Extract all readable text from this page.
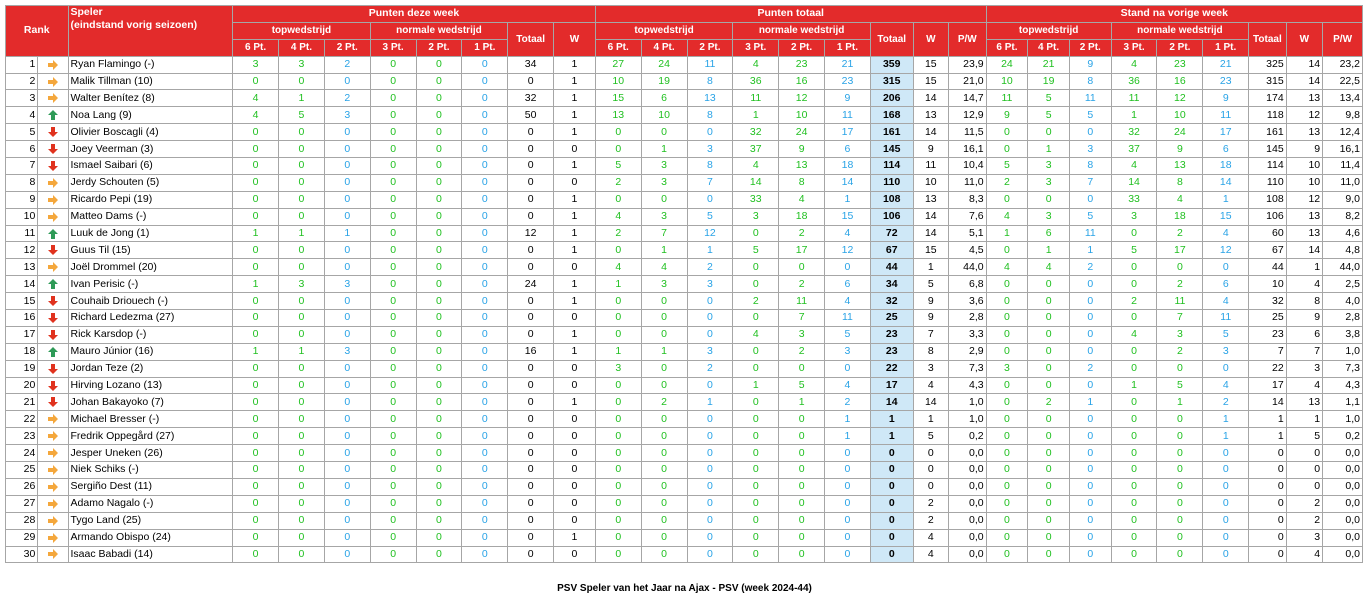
Rank		Speler
(eindstand vorig seizoen)	Punten deze week								Punten totaal									Stand na vorige week								
			topwedstrijd			normale wedstrijd			Totaal	W	topwedstrijd			normale wedstrijd			Totaal	W	P/W	topwedstrijd			normale wedstrijd			Totaal	W	P/W
			6 Pt.	4 Pt.	2 Pt.	3 Pt.	2 Pt.	1 Pt.			6 Pt.	4 Pt.	2 Pt.	3 Pt.	2 Pt.	1 Pt.				6 Pt.	4 Pt.	2 Pt.	3 Pt.	2 Pt.	1 Pt.			
1		Ryan Flamingo (-)	3	3	2	0	0	0	34	1	27	24	11	4	23	21	359	15	23,9	24	21	9	4	23	21	325	14	23,2
2		Malik Tillman (10)	0	0	0	0	0	0	0	1	10	19	8	36	16	23	315	15	21,0	10	19	8	36	16	23	315	14	22,5
3		Walter Benítez (8)	4	1	2	0	0	0	32	1	15	6	13	11	12	9	206	14	14,7	11	5	11	11	12	9	174	13	13,4
4		Noa Lang (9)	4	5	3	0	0	0	50	1	13	10	8	1	10	11	168	13	12,9	9	5	5	1	10	11	118	12	9,8
5		Olivier Boscagli (4)	0	0	0	0	0	0	0	1	0	0	0	32	24	17	161	14	11,5	0	0	0	32	24	17	161	13	12,4
6		Joey Veerman (3)	0	0	0	0	0	0	0	0	0	1	3	37	9	6	145	9	16,1	0	1	3	37	9	6	145	9	16,1
7		Ismael Saibari (6)	0	0	0	0	0	0	0	1	5	3	8	4	13	18	114	11	10,4	5	3	8	4	13	18	114	10	11,4
8		Jerdy Schouten (5)	0	0	0	0	0	0	0	0	2	3	7	14	8	14	110	10	11,0	2	3	7	14	8	14	110	10	11,0
9		Ricardo Pepi (19)	0	0	0	0	0	0	0	1	0	0	0	33	4	1	108	13	8,3	0	0	0	33	4	1	108	12	9,0
10		Matteo Dams (-)	0	0	0	0	0	0	0	1	4	3	5	3	18	15	106	14	7,6	4	3	5	3	18	15	106	13	8,2
11		Luuk de Jong (1)	1	1	1	0	0	0	12	1	2	7	12	0	2	4	72	14	5,1	1	6	11	0	2	4	60	13	4,6
12		Guus Til (15)	0	0	0	0	0	0	0	1	0	1	1	5	17	12	67	15	4,5	0	1	1	5	17	12	67	14	4,8
13		Joël Drommel (20)	0	0	0	0	0	0	0	0	4	4	2	0	0	0	44	1	44,0	4	4	2	0	0	0	44	1	44,0
14		Ivan Perisic (-)	1	3	3	0	0	0	24	1	1	3	3	0	2	6	34	5	6,8	0	0	0	0	2	6	10	4	2,5
15		Couhaib Driouech (-)	0	0	0	0	0	0	0	1	0	0	0	2	11	4	32	9	3,6	0	0	0	2	11	4	32	8	4,0
16		Richard Ledezma (27)	0	0	0	0	0	0	0	0	0	0	0	0	7	11	25	9	2,8	0	0	0	0	7	11	25	9	2,8
17		Rick Karsdop (-)	0	0	0	0	0	0	0	1	0	0	0	4	3	5	23	7	3,3	0	0	0	4	3	5	23	6	3,8
18		Mauro Júnior (16)	1	1	3	0	0	0	16	1	1	1	3	0	2	3	23	8	2,9	0	0	0	0	2	3	7	7	1,0
19		Jordan Teze (2)	0	0	0	0	0	0	0	0	3	0	2	0	0	0	22	3	7,3	3	0	2	0	0	0	22	3	7,3
20		Hirving Lozano (13)	0	0	0	0	0	0	0	0	0	0	0	1	5	4	17	4	4,3	0	0	0	1	5	4	17	4	4,3
21		Johan Bakayoko (7)	0	0	0	0	0	0	0	1	0	2	1	0	1	2	14	14	1,0	0	2	1	0	1	2	14	13	1,1
22		Michael Bresser (-)	0	0	0	0	0	0	0	0	0	0	0	0	0	1	1	1	1,0	0	0	0	0	0	1	1	1	1,0
23		Fredrik Oppegård (27)	0	0	0	0	0	0	0	0	0	0	0	0	0	1	1	5	0,2	0	0	0	0	0	1	1	5	0,2
24		Jesper Uneken (26)	0	0	0	0	0	0	0	0	0	0	0	0	0	0	0	0	0,0	0	0	0	0	0	0	0	0	0,0
25		Niek Schiks (-)	0	0	0	0	0	0	0	0	0	0	0	0	0	0	0	0	0,0	0	0	0	0	0	0	0	0	0,0
26		Sergiño Dest (11)	0	0	0	0	0	0	0	0	0	0	0	0	0	0	0	0	0,0	0	0	0	0	0	0	0	0	0,0
27		Adamo Nagalo (-)	0	0	0	0	0	0	0	0	0	0	0	0	0	0	0	2	0,0	0	0	0	0	0	0	0	2	0,0
28		Tygo Land (25)	0	0	0	0	0	0	0	0	0	0	0	0	0	0	0	2	0,0	0	0	0	0	0	0	0	2	0,0
29		Armando Obispo (24)	0	0	0	0	0	0	0	1	0	0	0	0	0	0	0	4	0,0	0	0	0	0	0	0	0	3	0,0
30		Isaac Babadi (14)	0	0	0	0	0	0	0	0	0	0	0	0	0	0	0	4	0,0	0	0	0	0	0	0	0	4	0,0
PSV Speler van het Jaar na Ajax - PSV (week 2024-44)
